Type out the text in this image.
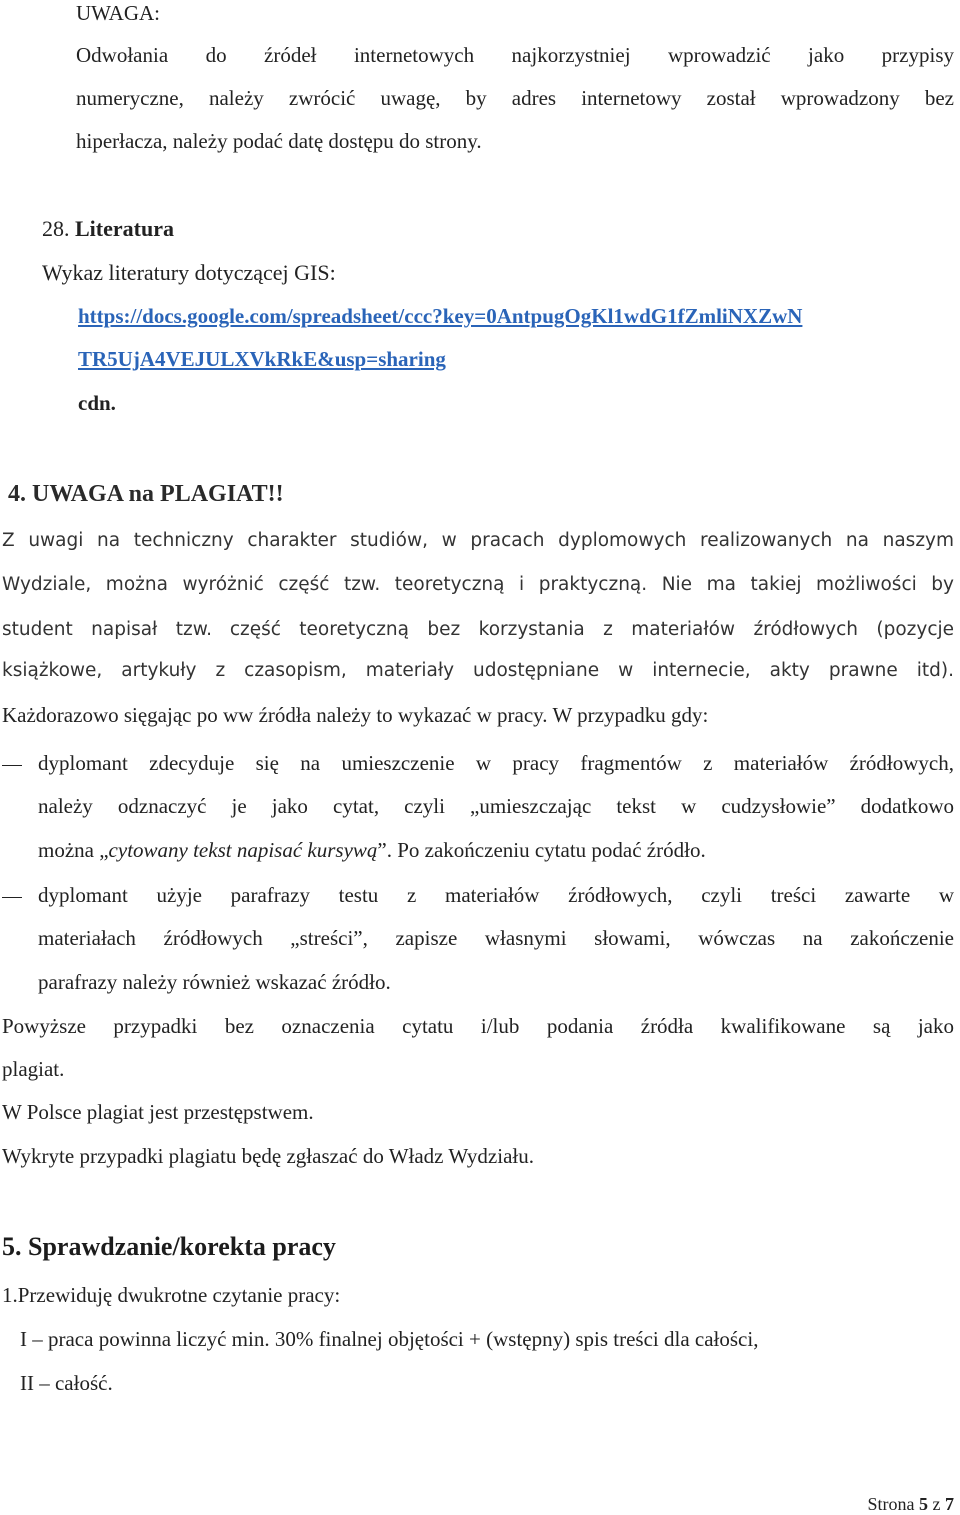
UWAGA:
Odwołania do źródeł internetowych najkorzystniej wprowadzić jako przypisy
numeryczne, należy zwrócić uwagę, by adres internetowy został wprowadzony bez
hiperłacza, należy podać datę dostępu do strony.
28. Literatura
Wykaz literatury dotyczącej GIS:
https://docs.google.com/spreadsheet/ccc?key=0AntpugOgKl1wdG1fZmliNXZwN
TR5UjA4VEJULXVkRkE&usp=sharing
cdn.
4. UWAGA na PLAGIAT!!
Z uwagi na techniczny charakter studiów, w pracach dyplomowych realizowanych na naszym
Wydziale, można wyróżnić część tzw. teoretyczną i praktyczną. Nie ma takiej możliwości by
student napisał tzw. część teoretyczną bez korzystania z materiałów źródłowych (pozycje
książkowe, artykuły z czasopism, materiały udostępniane w internecie, akty prawne itd).
Każdorazowo sięgając po ww źródła należy to wykazać w pracy. W przypadku gdy:
dyplomant zdecyduje się na umieszczenie w pracy fragmentów z materiałów źródłowych,
należy odznaczyć je jako cytat, czyli „umieszczając tekst w cudzysłowie” dodatkowo
można „cytowany tekst napisać kursywą”. Po zakończeniu cytatu podać źródło.
dyplomant użyje parafrazy testu z materiałów źródłowych, czyli treści zawarte w
materiałach źródłowych „streści”, zapisze własnymi słowami, wówczas na zakończenie
parafrazy należy również wskazać źródło.
Powyższe przypadki bez oznaczenia cytatu i/lub podania źródła kwalifikowane są jako
plagiat.
W Polsce plagiat jest przestępstwem.
Wykryte przypadki plagiatu będę zgłaszać do Władz Wydziału.
5. Sprawdzanie/korekta pracy
1.Przewiduję dwukrotne czytanie pracy:
I – praca powinna liczyć min. 30% finalnej objętości + (wstępny) spis treści dla całości,
II – całość.
Strona 5 z 7
